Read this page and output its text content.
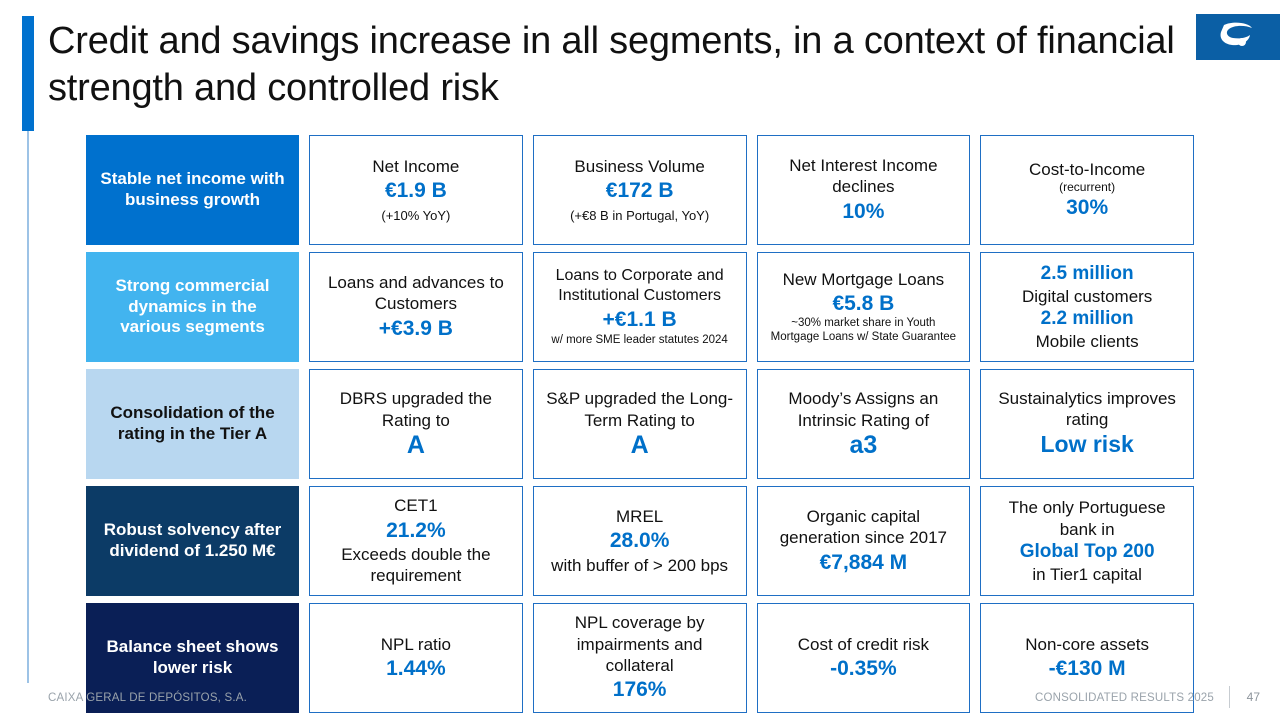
Credit and savings increase in all segments, in a context of financial strength and controlled risk
Stable net income with business growth
Net Income
€1.9 B
(+10% YoY)
Business Volume
€172 B
(+€8 B in Portugal, YoY)
Net Interest Income declines
10%
Cost-to-Income
(recurrent)
30%
Strong commercial dynamics in the various segments
Loans and advances to Customers
+€3.9 B
Loans to Corporate and Institutional Customers
+€1.1 B
w/ more SME leader statutes 2024
New Mortgage Loans
€5.8 B
~30% market share in Youth Mortgage Loans w/ State Guarantee
2.5 million
Digital customers
2.2 million
Mobile clients
Consolidation of the rating in the Tier A
DBRS upgraded the Rating to
A
S&P upgraded the Long-Term Rating to
A
Moody’s Assigns an Intrinsic Rating of
a3
Sustainalytics improves rating
Low risk
Robust solvency after dividend of 1.250 M€
CET1
21.2%
Exceeds double the requirement
MREL
28.0%
with buffer of > 200 bps
Organic capital generation since 2017
€7,884 M
The only Portuguese bank in
Global Top 200
in Tier1 capital
Balance sheet shows lower risk
NPL ratio
1.44%
NPL coverage by impairments and collateral
176%
Cost of credit risk
-0.35%
Non-core assets
-€130 M
CAIXA GERAL DE DEPÓSITOS, S.A.	CONSOLIDATED RESULTS 2025	47
